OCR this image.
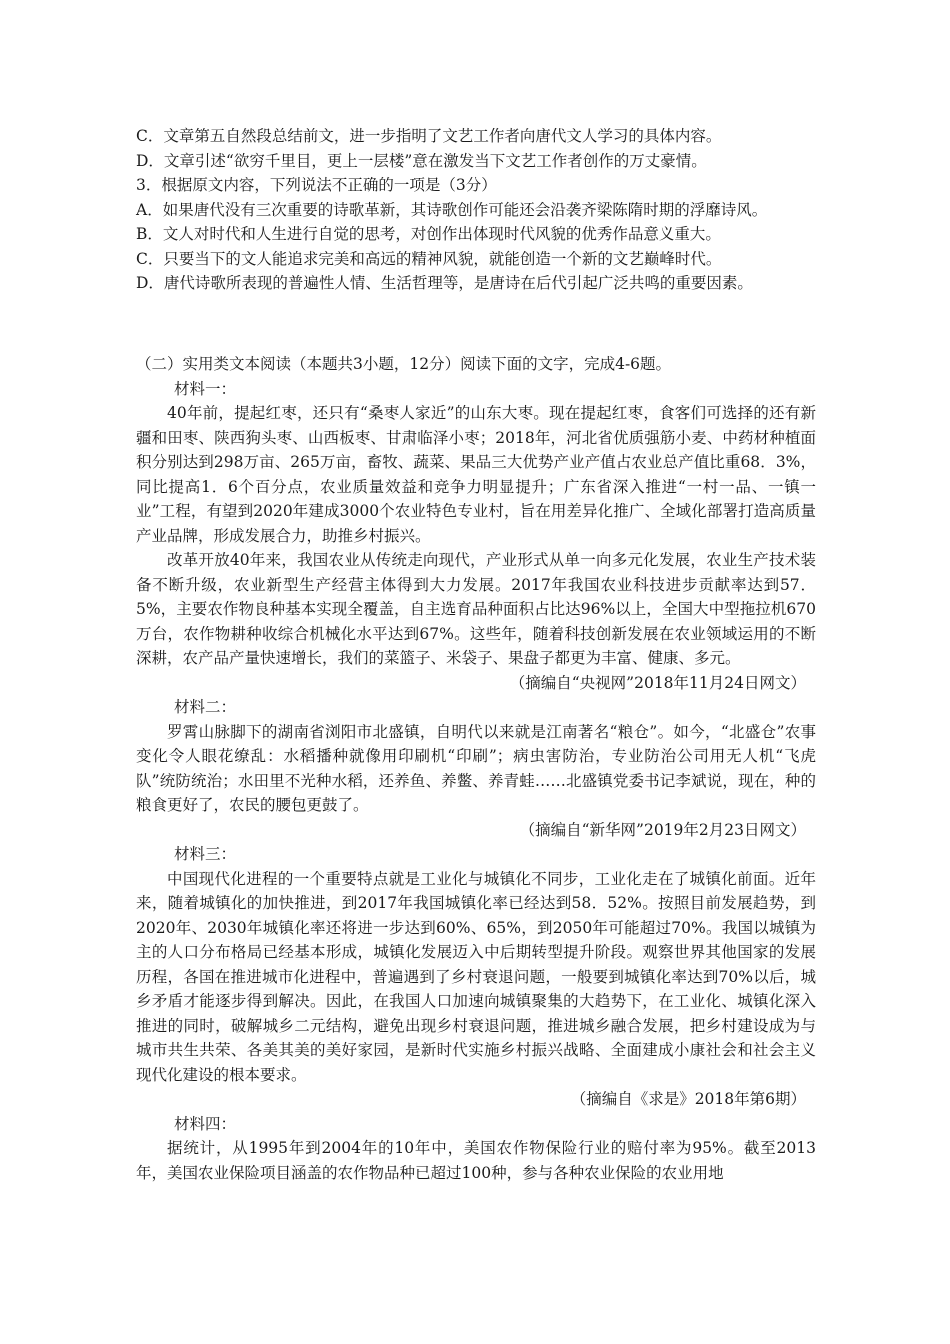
C．文章第五自然段总结前文，进一步指明了文艺工作者向唐代文人学习的具体内容。

D．文章引述“欲穷千里目，更上一层楼”意在激发当下文艺工作者创作的万丈豪情。

3．根据原文内容，下列说法不正确的一项是（3分）

A．如果唐代没有三次重要的诗歌革新，其诗歌创作可能还会沿袭齐梁陈隋时期的浮靡诗风。

B．文人对时代和人生进行自觉的思考，对创作出体现时代风貌的优秀作品意义重大。

C．只要当下的文人能追求完美和高远的精神风貌，就能创造一个新的文艺巅峰时代。

D．唐代诗歌所表现的普遍性人情、生活哲理等，是唐诗在后代引起广泛共鸣的重要因素。

（二）实用类文本阅读（本题共3小题，12分）阅读下面的文字，完成4-6题。

材料一：

40年前，提起红枣，还只有“桑枣人家近”的山东大枣。现在提起红枣，食客们可选择的还有新疆和田枣、陕西狗头枣、山西板枣、甘肃临泽小枣；2018年，河北省优质强筋小麦、中药材种植面积分别达到298万亩、265万亩，畜牧、蔬菜、果品三大优势产业产值占农业总产值比重68．3%，同比提高1．6个百分点，农业质量效益和竞争力明显提升；广东省深入推进“一村一品、一镇一业”工程，有望到2020年建成3000个农业特色专业村，旨在用差异化推广、全域化部署打造高质量产业品牌，形成发展合力，助推乡村振兴。

改革开放40年来，我国农业从传统走向现代，产业形式从单一向多元化发展，农业生产技术装备不断升级，农业新型生产经营主体得到大力发展。2017年我国农业科技进步贡献率达到57．5%，主要农作物良种基本实现全覆盖，自主选育品种面积占比达96%以上，全国大中型拖拉机670万台，农作物耕种收综合机械化水平达到67%。这些年，随着科技创新发展在农业领域运用的不断深耕，农产品产量快速增长，我们的菜篮子、米袋子、果盘子都更为丰富、健康、多元。

（摘编自“央视网”2018年11月24日网文）

材料二：

罗霄山脉脚下的湖南省浏阳市北盛镇，自明代以来就是江南著名“粮仓”。如今，“北盛仓”农事变化令人眼花缭乱：水稻播种就像用印刷机“印刷”；病虫害防治，专业防治公司用无人机“飞虎队”统防统治；水田里不光种水稻，还养鱼、养鳖、养青蛙……北盛镇党委书记李斌说，现在，种的粮食更好了，农民的腰包更鼓了。

（摘编自“新华网”2019年2月23日网文）

材料三：

中国现代化进程的一个重要特点就是工业化与城镇化不同步，工业化走在了城镇化前面。近年来，随着城镇化的加快推进，到2017年我国城镇化率已经达到58．52%。按照目前发展趋势，到2020年、2030年城镇化率还将进一步达到60%、65%，到2050年可能超过70%。我国以城镇为主的人口分布格局已经基本形成，城镇化发展迈入中后期转型提升阶段。观察世界其他国家的发展历程，各国在推进城市化进程中，普遍遇到了乡村衰退问题，一般要到城镇化率达到70%以后，城乡矛盾才能逐步得到解决。因此，在我国人口加速向城镇聚集的大趋势下，在工业化、城镇化深入推进的同时，破解城乡二元结构，避免出现乡村衰退问题，推进城乡融合发展，把乡村建设成为与城市共生共荣、各美其美的美好家园，是新时代实施乡村振兴战略、全面建成小康社会和社会主义现代化建设的根本要求。

（摘编自《求是》2018年第6期）

材料四：

据统计，从1995年到2004年的10年中，美国农作物保险行业的赔付率为95%。截至2013年，美国农业保险项目涵盖的农作物品种已超过100种，参与各种农业保险的农业用地
